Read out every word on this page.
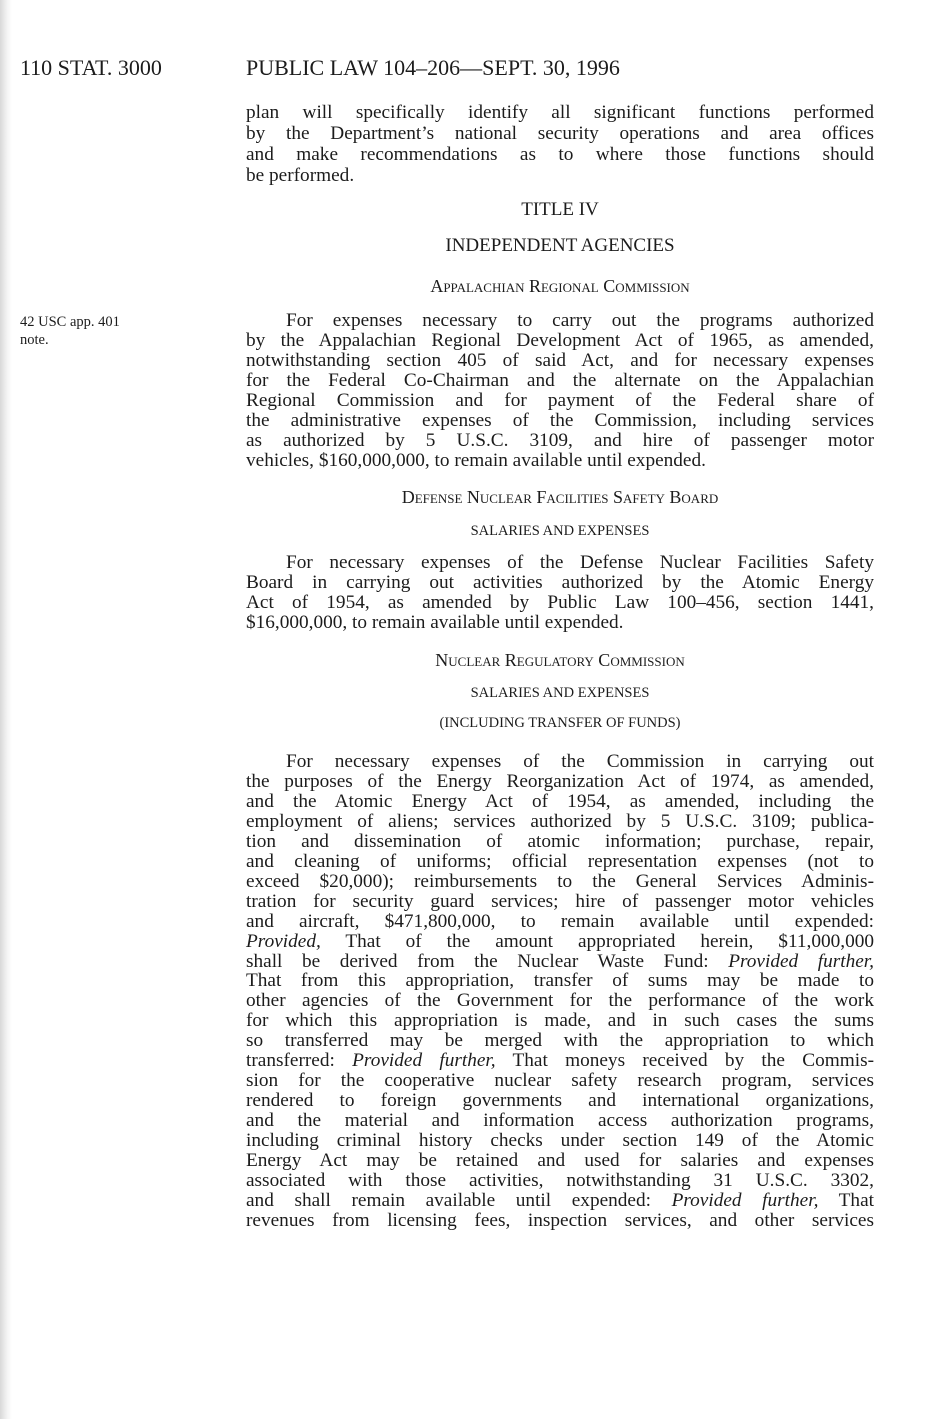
110 STAT. 3000	PUBLIC LAW 104–206—SEPT. 30, 1996
plan will specifically identify all significant functions performed
by the Department’s national security operations and area offices
and make recommendations as to where those functions should
be performed.
TITLE IV
INDEPENDENT AGENCIES
Appalachian Regional Commission
42 USC app. 401
note.
For expenses necessary to carry out the programs authorized
by the Appalachian Regional Development Act of 1965, as amended,
notwithstanding section 405 of said Act, and for necessary expenses
for the Federal Co-Chairman and the alternate on the Appalachian
Regional Commission and for payment of the Federal share of
the administrative expenses of the Commission, including services
as authorized by 5 U.S.C. 3109, and hire of passenger motor
vehicles, $160,000,000, to remain available until expended.
Defense Nuclear Facilities Safety Board
SALARIES AND EXPENSES
For necessary expenses of the Defense Nuclear Facilities Safety
Board in carrying out activities authorized by the Atomic Energy
Act of 1954, as amended by Public Law 100–456, section 1441,
$16,000,000, to remain available until expended.
Nuclear Regulatory Commission
SALARIES AND EXPENSES
(INCLUDING TRANSFER OF FUNDS)
For necessary expenses of the Commission in carrying out
the purposes of the Energy Reorganization Act of 1974, as amended,
and the Atomic Energy Act of 1954, as amended, including the
employment of aliens; services authorized by 5 U.S.C. 3109; publica-
tion and dissemination of atomic information; purchase, repair,
and cleaning of uniforms; official representation expenses (not to
exceed $20,000); reimbursements to the General Services Adminis-
tration for security guard services; hire of passenger motor vehicles
and aircraft, $471,800,000, to remain available until expended:
Provided, That of the amount appropriated herein, $11,000,000
shall be derived from the Nuclear Waste Fund: Provided further,
That from this appropriation, transfer of sums may be made to
other agencies of the Government for the performance of the work
for which this appropriation is made, and in such cases the sums
so transferred may be merged with the appropriation to which
transferred: Provided further, That moneys received by the Commis-
sion for the cooperative nuclear safety research program, services
rendered to foreign governments and international organizations,
and the material and information access authorization programs,
including criminal history checks under section 149 of the Atomic
Energy Act may be retained and used for salaries and expenses
associated with those activities, notwithstanding 31 U.S.C. 3302,
and shall remain available until expended: Provided further, That
revenues from licensing fees, inspection services, and other services
